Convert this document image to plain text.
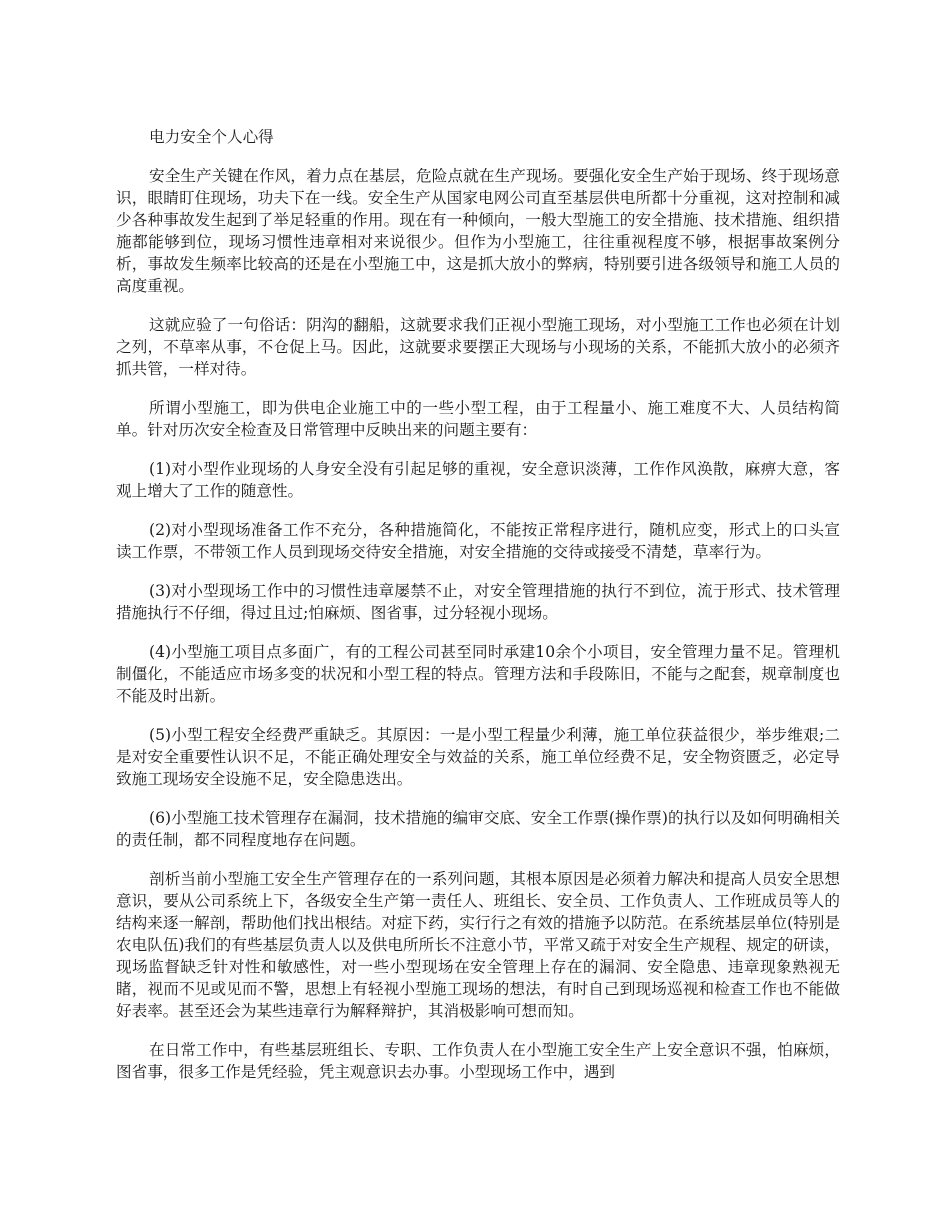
电力安全个人心得

安全生产关键在作风，着力点在基层，危险点就在生产现场。要强化安全生产始于现场、终于现场意识，眼睛盯住现场，功夫下在一线。安全生产从国家电网公司直至基层供电所都十分重视，这对控制和减少各种事故发生起到了举足轻重的作用。现在有一种倾向，一般大型施工的安全措施、技术措施、组织措施都能够到位，现场习惯性违章相对来说很少。但作为小型施工，往往重视程度不够，根据事故案例分析，事故发生频率比较高的还是在小型施工中，这是抓大放小的弊病，特别要引进各级领导和施工人员的高度重视。

这就应验了一句俗话：阴沟的翻船，这就要求我们正视小型施工现场，对小型施工工作也必须在计划之列，不草率从事，不仓促上马。因此，这就要求要摆正大现场与小现场的关系，不能抓大放小的必须齐抓共管，一样对待。

所谓小型施工，即为供电企业施工中的一些小型工程，由于工程量小、施工难度不大、人员结构简单。针对历次安全检查及日常管理中反映出来的问题主要有：

(1)对小型作业现场的人身安全没有引起足够的重视，安全意识淡薄，工作作风涣散，麻痹大意，客观上增大了工作的随意性。

(2)对小型现场准备工作不充分，各种措施简化，不能按正常程序进行，随机应变，形式上的口头宣读工作票，不带领工作人员到现场交待安全措施，对安全措施的交待或接受不清楚，草率行为。

(3)对小型现场工作中的习惯性违章屡禁不止，对安全管理措施的执行不到位，流于形式、技术管理措施执行不仔细，得过且过;怕麻烦、图省事，过分轻视小现场。

(4)小型施工项目点多面广，有的工程公司甚至同时承建10余个小项目，安全管理力量不足。管理机制僵化，不能适应市场多变的状况和小型工程的特点。管理方法和手段陈旧，不能与之配套，规章制度也不能及时出新。

(5)小型工程安全经费严重缺乏。其原因：一是小型工程量少利薄，施工单位获益很少，举步维艰;二是对安全重要性认识不足，不能正确处理安全与效益的关系，施工单位经费不足，安全物资匮乏，必定导致施工现场安全设施不足，安全隐患迭出。

(6)小型施工技术管理存在漏洞，技术措施的编审交底、安全工作票(操作票)的执行以及如何明确相关的责任制，都不同程度地存在问题。

剖析当前小型施工安全生产管理存在的一系列问题，其根本原因是必须着力解决和提高人员安全思想意识，要从公司系统上下，各级安全生产第一责任人、班组长、安全员、工作负责人、工作班成员等人的结构来逐一解剖，帮助他们找出根结。对症下药，实行行之有效的措施予以防范。在系统基层单位(特别是农电队伍)我们的有些基层负责人以及供电所所长不注意小节，平常又疏于对安全生产规程、规定的研读，现场监督缺乏针对性和敏感性，对一些小型现场在安全管理上存在的漏洞、安全隐患、违章现象熟视无睹，视而不见或见而不警，思想上有轻视小型施工现场的想法，有时自己到现场巡视和检查工作也不能做好表率。甚至还会为某些违章行为解释辩护，其消极影响可想而知。

在日常工作中，有些基层班组长、专职、工作负责人在小型施工安全生产上安全意识不强，怕麻烦，图省事，很多工作是凭经验，凭主观意识去办事。小型现场工作中，遇到
